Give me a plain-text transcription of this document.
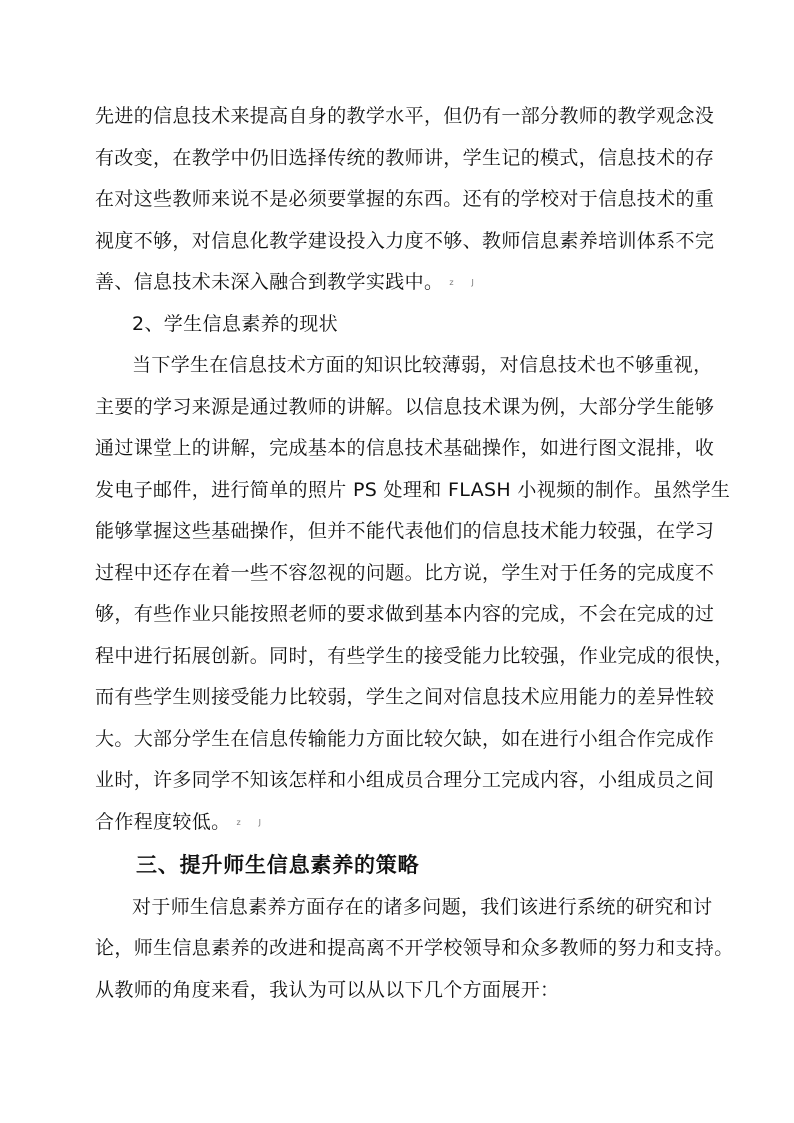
先进的信息技术来提高自身的教学水平，但仍有一部分教师的教学观念没
有改变，在教学中仍旧选择传统的教师讲，学生记的模式，信息技术的存
在对这些教师来说不是必须要掌握的东西。还有的学校对于信息技术的重
视度不够，对信息化教学建设投入力度不够、教师信息素养培训体系不完
善、信息技术未深入融合到教学实践中。 z J
2、学生信息素养的现状
当下学生在信息技术方面的知识比较薄弱，对信息技术也不够重视，
主要的学习来源是通过教师的讲解。以信息技术课为例，大部分学生能够
通过课堂上的讲解，完成基本的信息技术基础操作，如进行图文混排，收
发电子邮件，进行简单的照片 PS 处理和 FLASH 小视频的制作。虽然学生
能够掌握这些基础操作，但并不能代表他们的信息技术能力较强，在学习
过程中还存在着一些不容忽视的问题。比方说，学生对于任务的完成度不
够，有些作业只能按照老师的要求做到基本内容的完成，不会在完成的过
程中进行拓展创新。同时，有些学生的接受能力比较强，作业完成的很快，
而有些学生则接受能力比较弱，学生之间对信息技术应用能力的差异性较
大。大部分学生在信息传输能力方面比较欠缺，如在进行小组合作完成作
业时，许多同学不知该怎样和小组成员合理分工完成内容，小组成员之间
合作程度较低。 z J
三、提升师生信息素养的策略
对于师生信息素养方面存在的诸多问题，我们该进行系统的研究和讨
论，师生信息素养的改进和提高离不开学校领导和众多教师的努力和支持。
从教师的角度来看，我认为可以从以下几个方面展开：
